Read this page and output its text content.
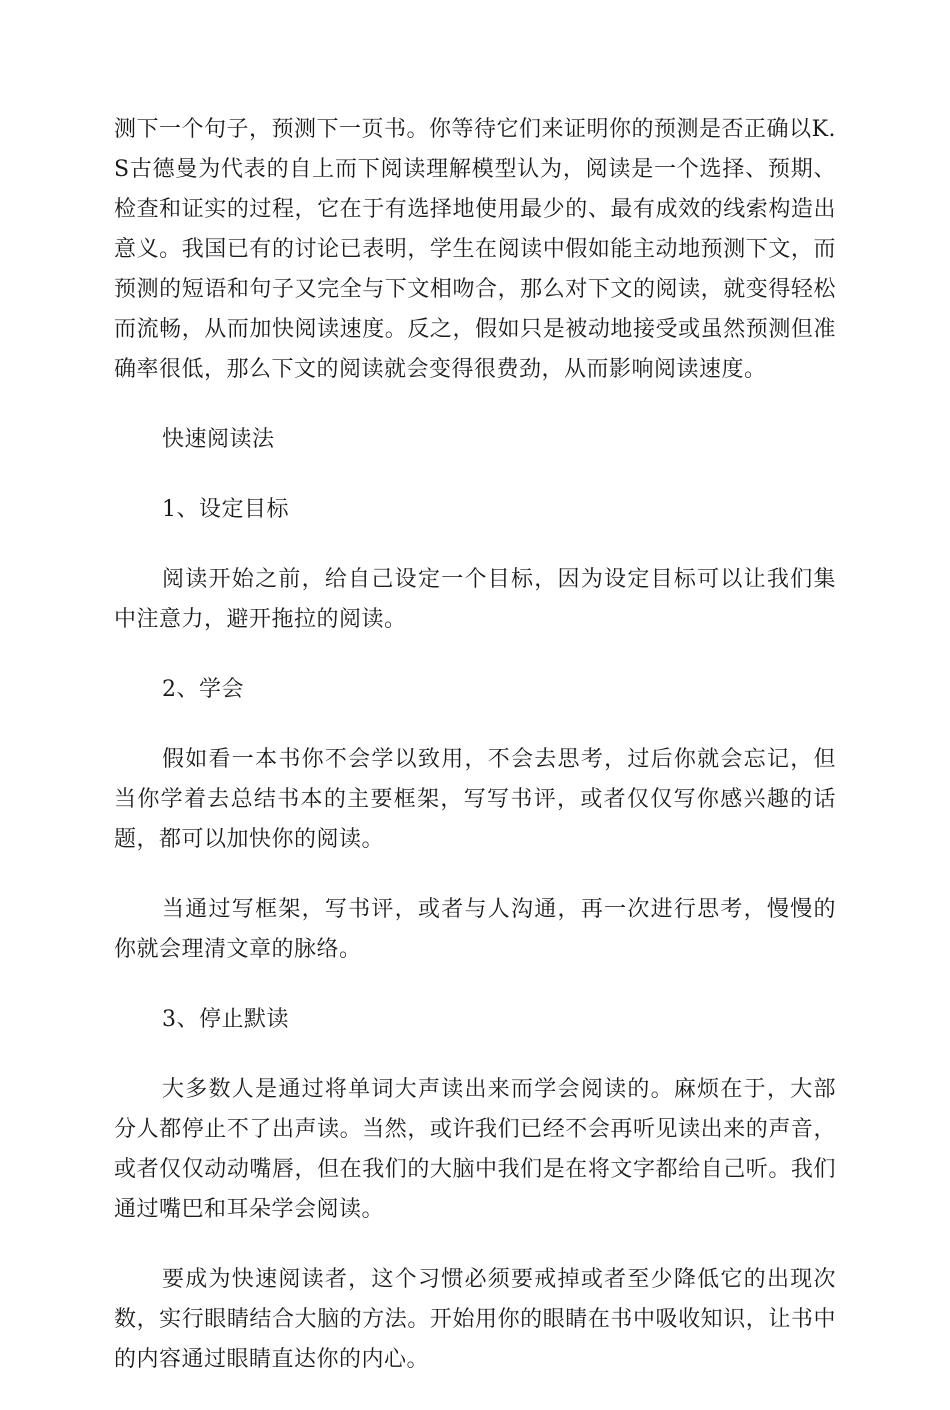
测下一个句子，预测下一页书。你等待它们来证明你的预测是否正确以K.S古德曼为代表的自上而下阅读理解模型认为，阅读是一个选择、预期、检查和证实的过程，它在于有选择地使用最少的、最有成效的线索构造出意义。我国已有的讨论已表明，学生在阅读中假如能主动地预测下文，而预测的短语和句子又完全与下文相吻合，那么对下文的阅读，就变得轻松而流畅，从而加快阅读速度。反之，假如只是被动地接受或虽然预测但准确率很低，那么下文的阅读就会变得很费劲，从而影响阅读速度。

快速阅读法

1、设定目标

阅读开始之前，给自己设定一个目标，因为设定目标可以让我们集中注意力，避开拖拉的阅读。

2、学会

假如看一本书你不会学以致用，不会去思考，过后你就会忘记，但当你学着去总结书本的主要框架，写写书评，或者仅仅写你感兴趣的话题，都可以加快你的阅读。

当通过写框架，写书评，或者与人沟通，再一次进行思考，慢慢的你就会理清文章的脉络。

3、停止默读

大多数人是通过将单词大声读出来而学会阅读的。麻烦在于，大部分人都停止不了出声读。当然，或许我们已经不会再听见读出来的声音，或者仅仅动动嘴唇，但在我们的大脑中我们是在将文字都给自己听。我们通过嘴巴和耳朵学会阅读。

要成为快速阅读者，这个习惯必须要戒掉或者至少降低它的出现次数，实行眼睛结合大脑的方法。开始用你的眼睛在书中吸收知识，让书中的内容通过眼睛直达你的内心。
